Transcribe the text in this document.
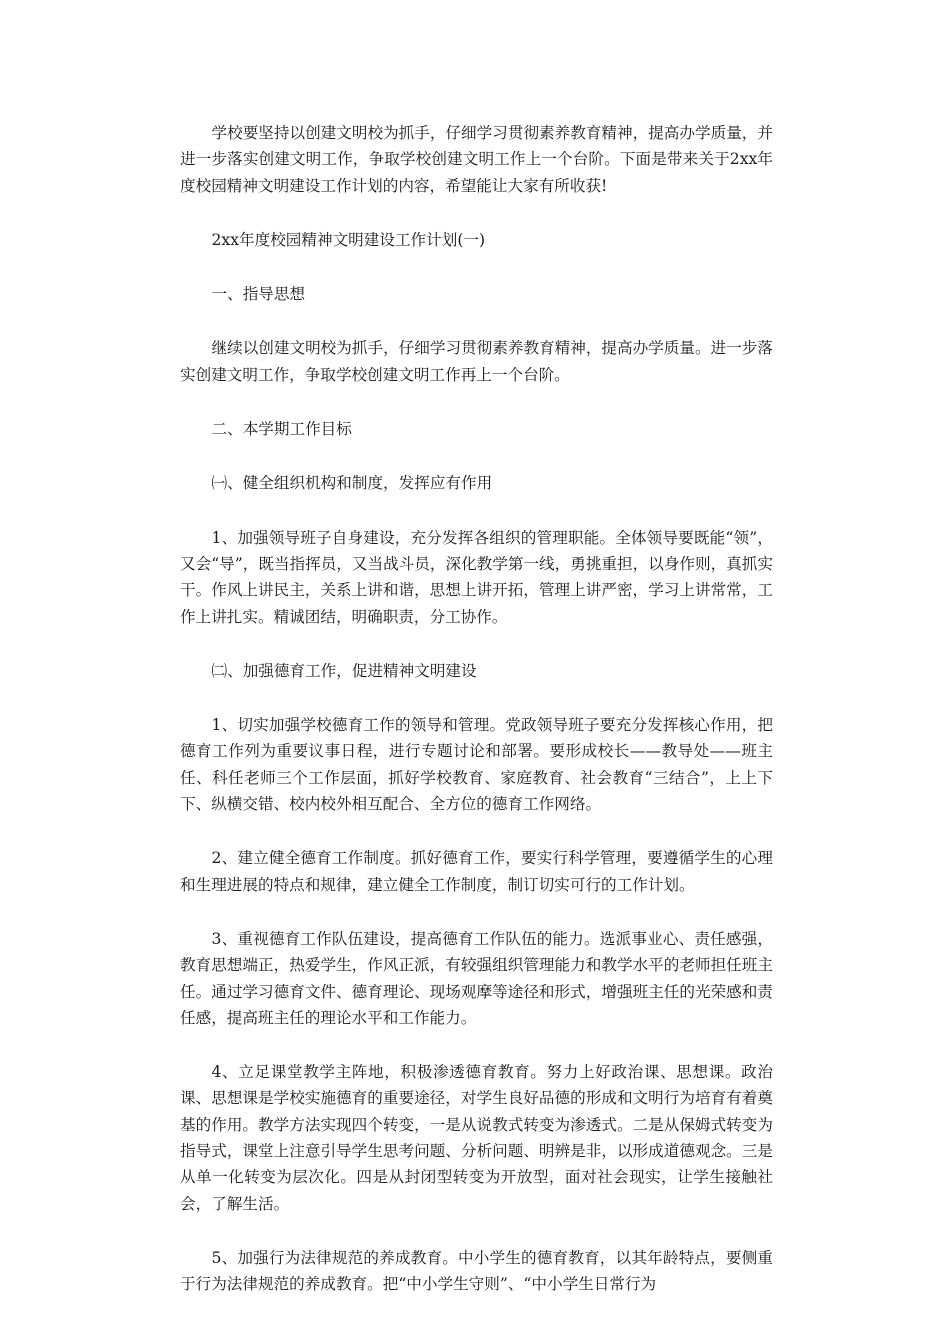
学校要坚持以创建文明校为抓手，仔细学习贯彻素养教育精神，提高办学质量，并进一步落实创建文明工作，争取学校创建文明工作上一个台阶。下面是带来关于2xx年度校园精神文明建设工作计划的内容，希望能让大家有所收获!

2xx年度校园精神文明建设工作计划(一)

一、指导思想

继续以创建文明校为抓手，仔细学习贯彻素养教育精神，提高办学质量。进一步落实创建文明工作，争取学校创建文明工作再上一个台阶。

二、本学期工作目标

㈠、健全组织机构和制度，发挥应有作用

1、加强领导班子自身建设，充分发挥各组织的管理职能。全体领导要既能“领”，又会“导”，既当指挥员，又当战斗员，深化教学第一线，勇挑重担，以身作则，真抓实干。作风上讲民主，关系上讲和谐，思想上讲开拓，管理上讲严密，学习上讲常常，工作上讲扎实。精诚团结，明确职责，分工协作。

㈡、加强德育工作，促进精神文明建设

1、切实加强学校德育工作的领导和管理。党政领导班子要充分发挥核心作用，把德育工作列为重要议事日程，进行专题讨论和部署。要形成校长——教导处——班主任、科任老师三个工作层面，抓好学校教育、家庭教育、社会教育“三结合”，上上下下、纵横交错、校内校外相互配合、全方位的德育工作网络。

2、建立健全德育工作制度。抓好德育工作，要实行科学管理，要遵循学生的心理和生理进展的特点和规律，建立健全工作制度，制订切实可行的工作计划。

3、重视德育工作队伍建设，提高德育工作队伍的能力。选派事业心、责任感强，教育思想端正，热爱学生，作风正派，有较强组织管理能力和教学水平的老师担任班主任。通过学习德育文件、德育理论、现场观摩等途径和形式，增强班主任的光荣感和责任感，提高班主任的理论水平和工作能力。

4、立足课堂教学主阵地，积极渗透德育教育。努力上好政治课、思想课。政治课、思想课是学校实施德育的重要途径，对学生良好品德的形成和文明行为培育有着奠基的作用。教学方法实现四个转变，一是从说教式转变为渗透式。二是从保姆式转变为指导式，课堂上注意引导学生思考问题、分析问题、明辨是非，以形成道德观念。三是从单一化转变为层次化。四是从封闭型转变为开放型，面对社会现实，让学生接触社会，了解生活。

5、加强行为法律规范的养成教育。中小学生的德育教育，以其年龄特点，要侧重于行为法律规范的养成教育。把“中小学生守则”、“中小学生日常行为
